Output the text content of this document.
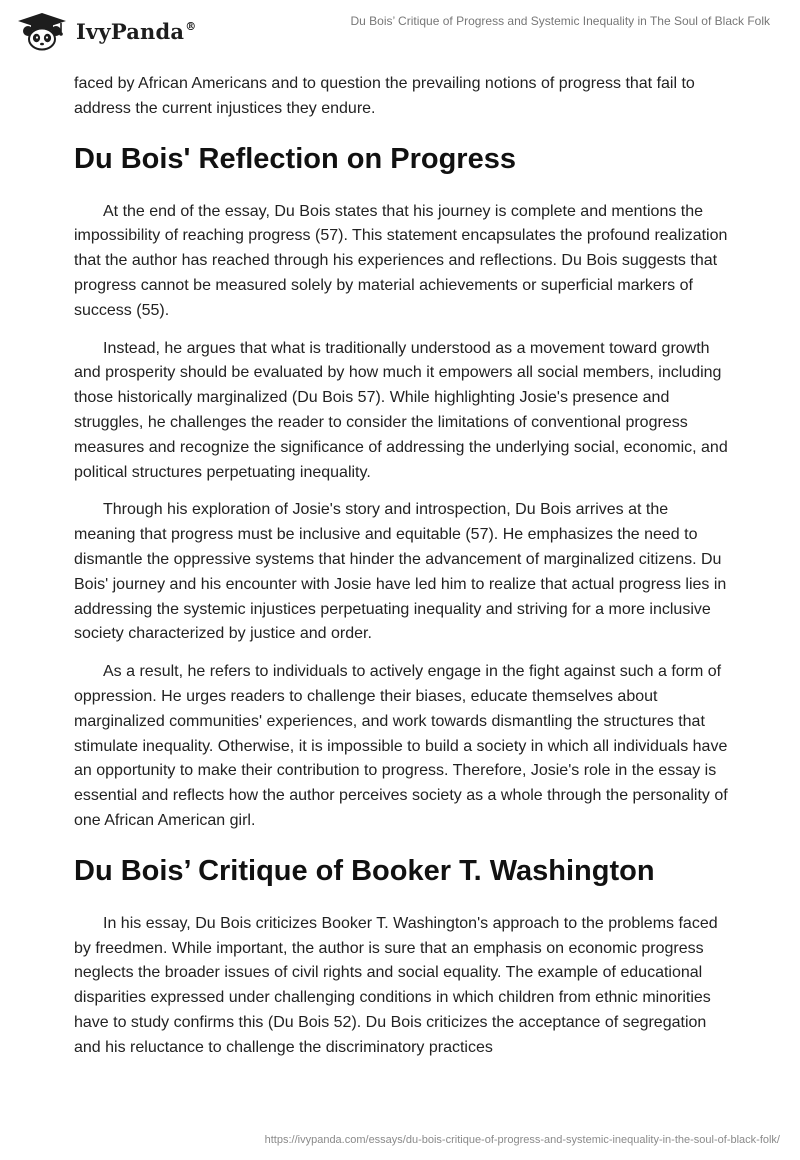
IvyPanda®	Du Bois’ Critique of Progress and Systemic Inequality in The Soul of Black Folk

faced by African Americans and to question the prevailing notions of progress that fail to address the current injustices they endure.

Du Bois' Reflection on Progress

At the end of the essay, Du Bois states that his journey is complete and mentions the impossibility of reaching progress (57). This statement encapsulates the profound realization that the author has reached through his experiences and reflections. Du Bois suggests that progress cannot be measured solely by material achievements or superficial markers of success (55).

Instead, he argues that what is traditionally understood as a movement toward growth and prosperity should be evaluated by how much it empowers all social members, including those historically marginalized (Du Bois 57). While highlighting Josie's presence and struggles, he challenges the reader to consider the limitations of conventional progress measures and recognize the significance of addressing the underlying social, economic, and political structures perpetuating inequality.

Through his exploration of Josie's story and introspection, Du Bois arrives at the meaning that progress must be inclusive and equitable (57). He emphasizes the need to dismantle the oppressive systems that hinder the advancement of marginalized citizens. Du Bois' journey and his encounter with Josie have led him to realize that actual progress lies in addressing the systemic injustices perpetuating inequality and striving for a more inclusive society characterized by justice and order.

As a result, he refers to individuals to actively engage in the fight against such a form of oppression. He urges readers to challenge their biases, educate themselves about marginalized communities' experiences, and work towards dismantling the structures that stimulate inequality. Otherwise, it is impossible to build a society in which all individuals have an opportunity to make their contribution to progress. Therefore, Josie's role in the essay is essential and reflects how the author perceives society as a whole through the personality of one African American girl.

Du Bois’ Critique of Booker T. Washington

In his essay, Du Bois criticizes Booker T. Washington's approach to the problems faced by freedmen. While important, the author is sure that an emphasis on economic progress neglects the broader issues of civil rights and social equality. The example of educational disparities expressed under challenging conditions in which children from ethnic minorities have to study confirms this (Du Bois 52). Du Bois criticizes the acceptance of segregation and his reluctance to challenge the discriminatory practices

https://ivypanda.com/essays/du-bois-critique-of-progress-and-systemic-inequality-in-the-soul-of-black-folk/
